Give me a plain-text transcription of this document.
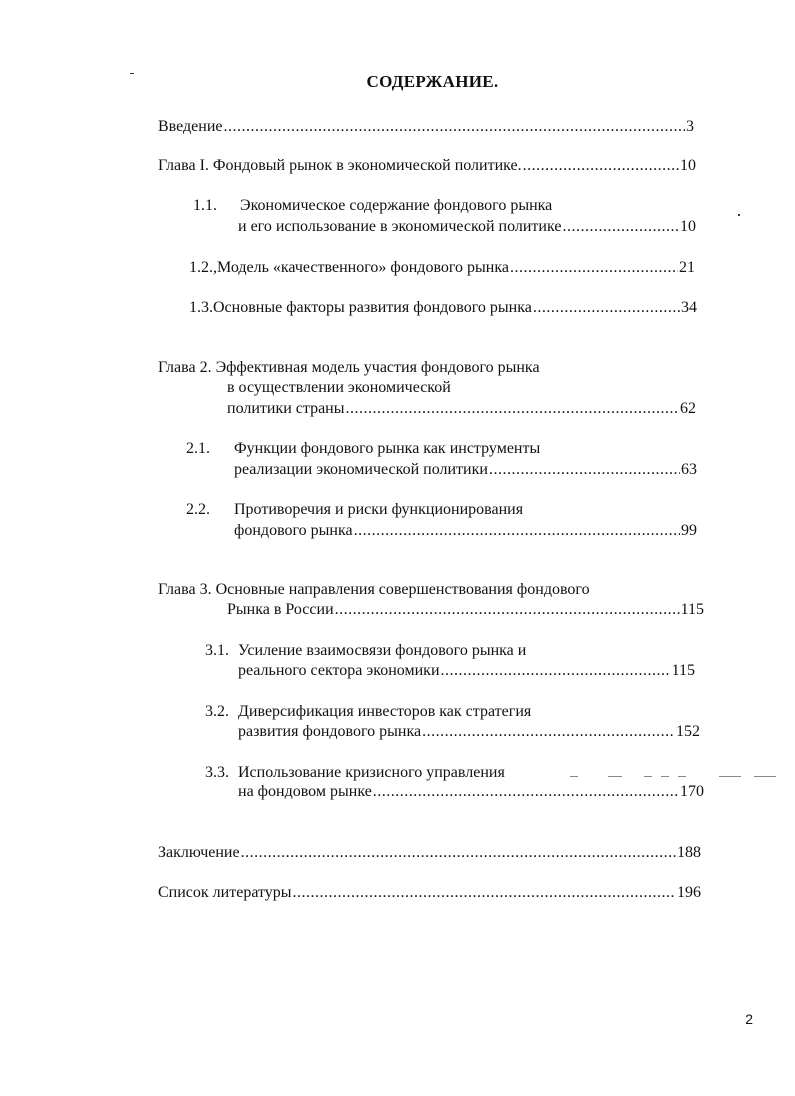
СОДЕРЖАНИЕ.
Введение .....	3
Глава I. Фондовый рынок в экономической политике. .....	10
1.1.	Экономическое содержание фондового рынка
и его использование в экономической политике .....	10
1.2. , Модель «качественного» фондового рынка .....	21
1.3. Основные факторы развития фондового рынка .....	34
Глава 2. Эффективная модель участия фондового рынка
в осуществлении экономической
политики страны .....	62
2.1.	Функции фондового рынка как инструменты
реализации экономической политики .....	63
2.2.	Противоречия и риски функционирования
фондового рынка .....	99
Глава 3. Основные направления совершенствования фондового
Рынка в России .....	115
3.1. Усиление взаимосвязи фондового рынка и
реального сектора экономики .....	115
3.2. Диверсификация инвесторов как стратегия
развития фондового рынка .....	152
3.3. Использование кризисного управления
на фондовом рынке .....	170
Заключение .....	188
Список литературы .....	196
2
